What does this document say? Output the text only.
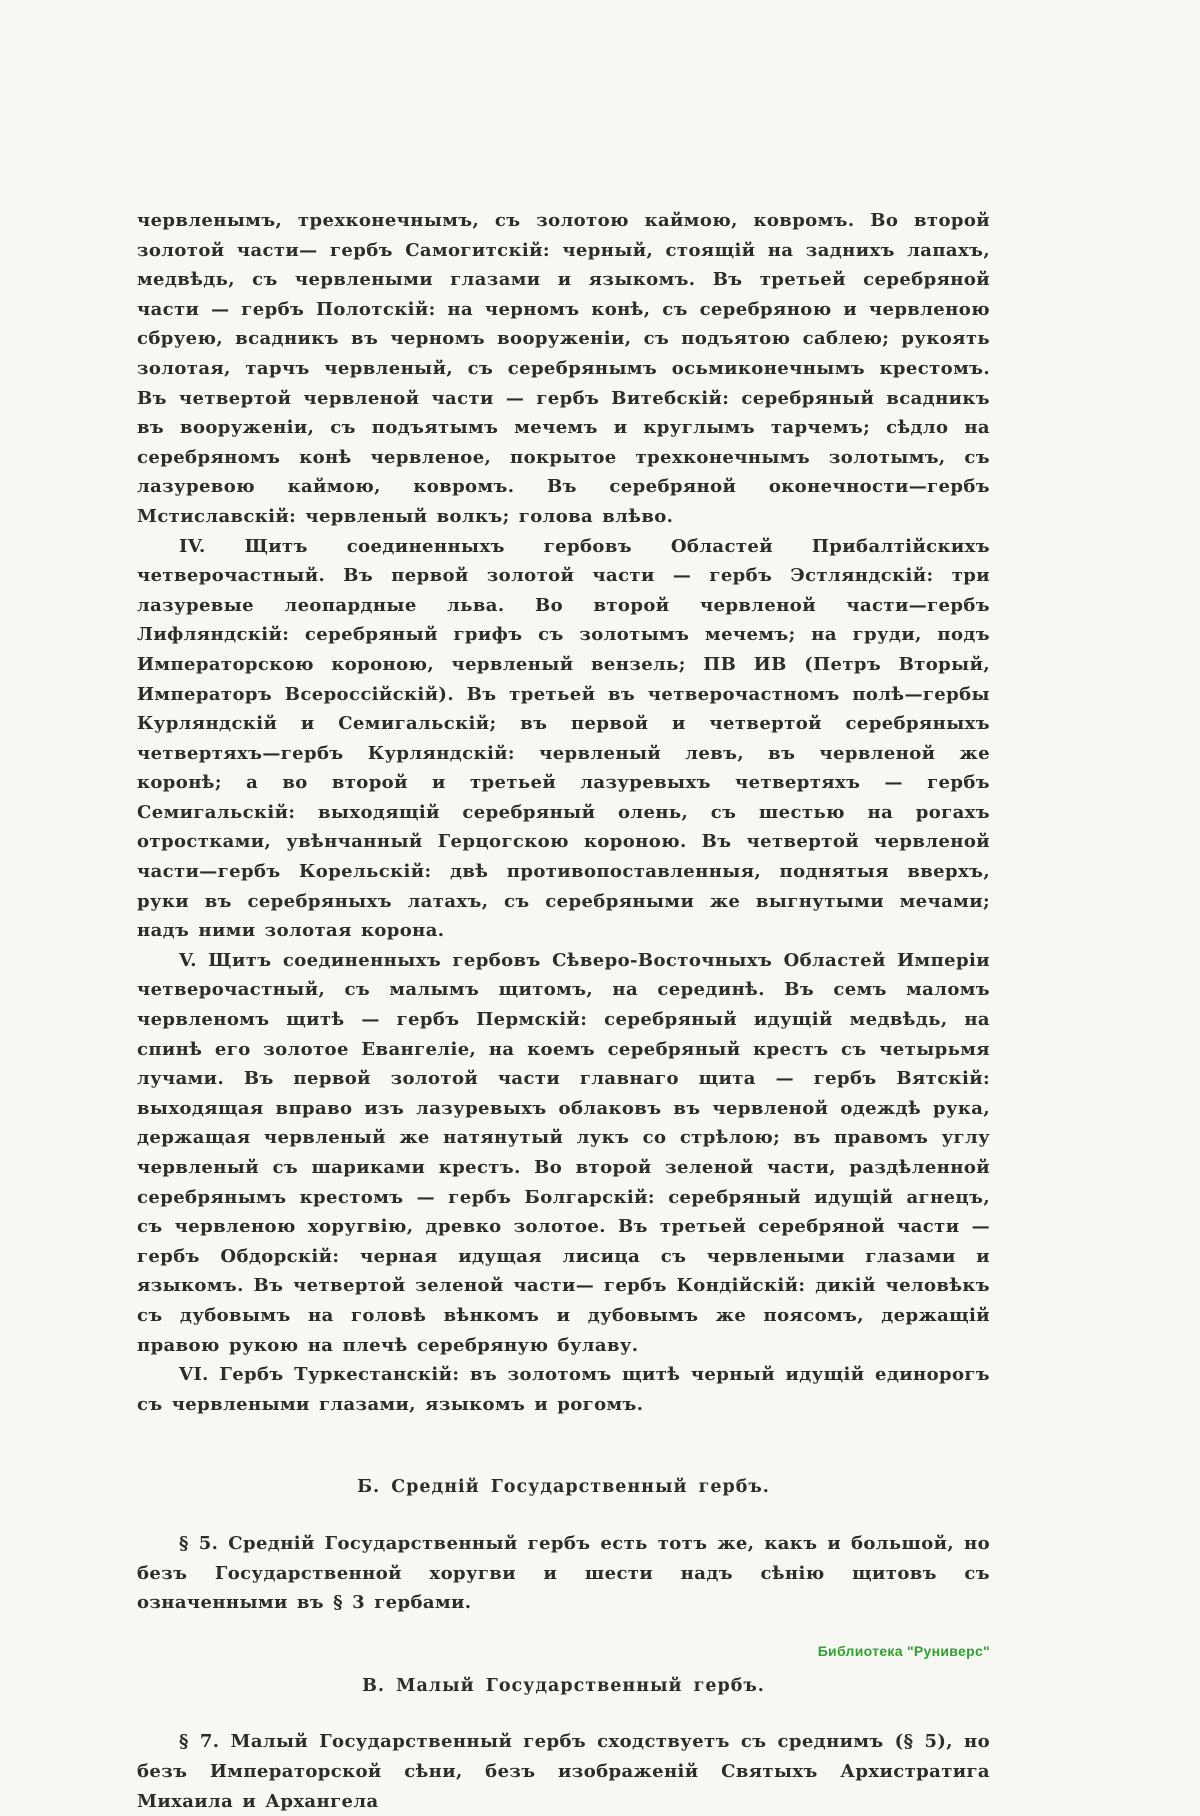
червленымъ, трехконечнымъ, съ золотою каймою, ковромъ. Во второй золотой части— гербъ Самогитскій: черный, стоящій на заднихъ лапахъ, медвѣдь, съ червлеными глазами и языкомъ. Въ третьей серебряной части — гербъ Полотскій: на черномъ конѣ, съ серебряною и червленою сбруею, всадникъ въ черномъ вооруженіи, съ подъятою саблею; рукоять золотая, тарчъ червленый, съ серебрянымъ осьмиконечнымъ крестомъ. Въ четвертой червленой части — гербъ Витебскій: серебряный всадникъ въ вооруженіи, съ подъятымъ мечемъ и круглымъ тарчемъ; сѣдло на серебряномъ конѣ червленое, покрытое трехконечнымъ золотымъ, съ лазуревою каймою, ковромъ. Въ серебряной оконечности—гербъ Мстиславскій: червленый волкъ; голова влѣво.

IV. Щитъ соединенныхъ гербовъ Областей Прибалтійскихъ четверочастный. Въ первой золотой части — гербъ Эстляндскій: три лазуревые леопардные льва. Во второй червленой части—гербъ Лифляндскій: серебряный грифъ съ золотымъ мечемъ; на груди, подъ Императорскою короною, червленый вензель; ПВ ИВ (Петръ Вторый, Императоръ Всероссійскій). Въ третьей въ четверочастномъ полѣ—гербы Курляндскій и Семигальскій; въ первой и четвертой серебряныхъ четвертяхъ—гербъ Курляндскій: червленый левъ, въ червленой же коронѣ; а во второй и третьей лазуревыхъ четвертяхъ — гербъ Семигальскій: выходящій серебряный олень, съ шестью на рогахъ отростками, увѣнчанный Герцогскою короною. Въ четвертой червленой части—гербъ Корельскій: двѣ противопоставленныя, поднятыя вверхъ, руки въ серебряныхъ латахъ, съ серебряными же выгнутыми мечами; надъ ними золотая корона.

V. Щитъ соединенныхъ гербовъ Сѣверо-Восточныхъ Областей Имперіи четверочастный, съ малымъ щитомъ, на серединѣ. Въ семъ маломъ червленомъ щитѣ — гербъ Пермскій: серебряный идущій медвѣдь, на спинѣ его золотое Евангеліе, на коемъ серебряный крестъ съ четырьмя лучами. Въ первой золотой части главнаго щита — гербъ Вятскій: выходящая вправо изъ лазуревыхъ облаковъ въ червленой одеждѣ рука, держащая червленый же натянутый лукъ со стрѣлою; въ правомъ углу червленый съ шариками крестъ. Во второй зеленой части, раздѣленной серебрянымъ крестомъ — гербъ Болгарскій: серебряный идущій агнецъ, съ червленою хоругвію, древко золотое. Въ третьей серебряной части — гербъ Обдорскій: черная идущая лисица съ червлеными глазами и языкомъ. Въ четвертой зеленой части— гербъ Кондійскій: дикій человѣкъ съ дубовымъ на головѣ вѣнкомъ и дубовымъ же поясомъ, держащій правою рукою на плечѣ серебряную булаву.

VI. Гербъ Туркестанскій: въ золотомъ щитѣ черный идущій единорогъ съ червлеными глазами, языкомъ и рогомъ.

Б. Средній Государственный гербъ.

§ 5. Средній Государственный гербъ есть тотъ же, какъ и большой, но безъ Государственной хоругви и шести надъ сѣнію щитовъ съ означенными въ § 3 гербами.

В. Малый Государственный гербъ.

§ 7. Малый Государственный гербъ сходствуетъ съ среднимъ (§ 5), но безъ Императорской сѣни, безъ изображеній Святыхъ Архистратига Михаила и Архангела

Библиотека "Руниверс"
